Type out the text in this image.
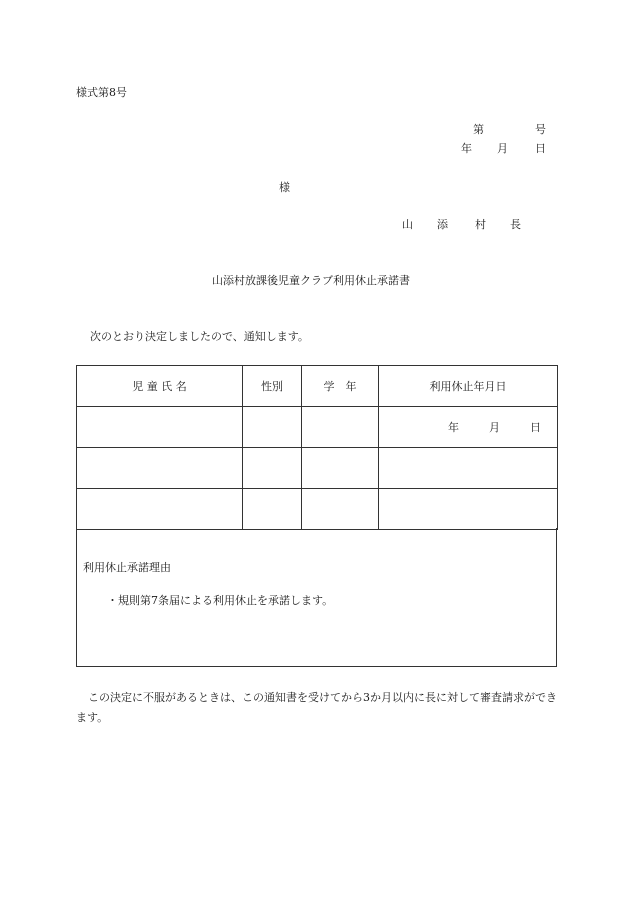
様式第8号
第	号
年 月 日
様
山 添 村 長
山添村放課後児童クラブ利用休止承諾書
次のとおり決定しましたので、通知します。
児 童 氏 名	性別	学　年	利用休止年月日
			年 月 日

利用休止承諾理由
・規則第7条届による利用休止を承諾します。
この決定に不服があるときは、この通知書を受けてから3か月以内に長に対して審査請求ができます。
